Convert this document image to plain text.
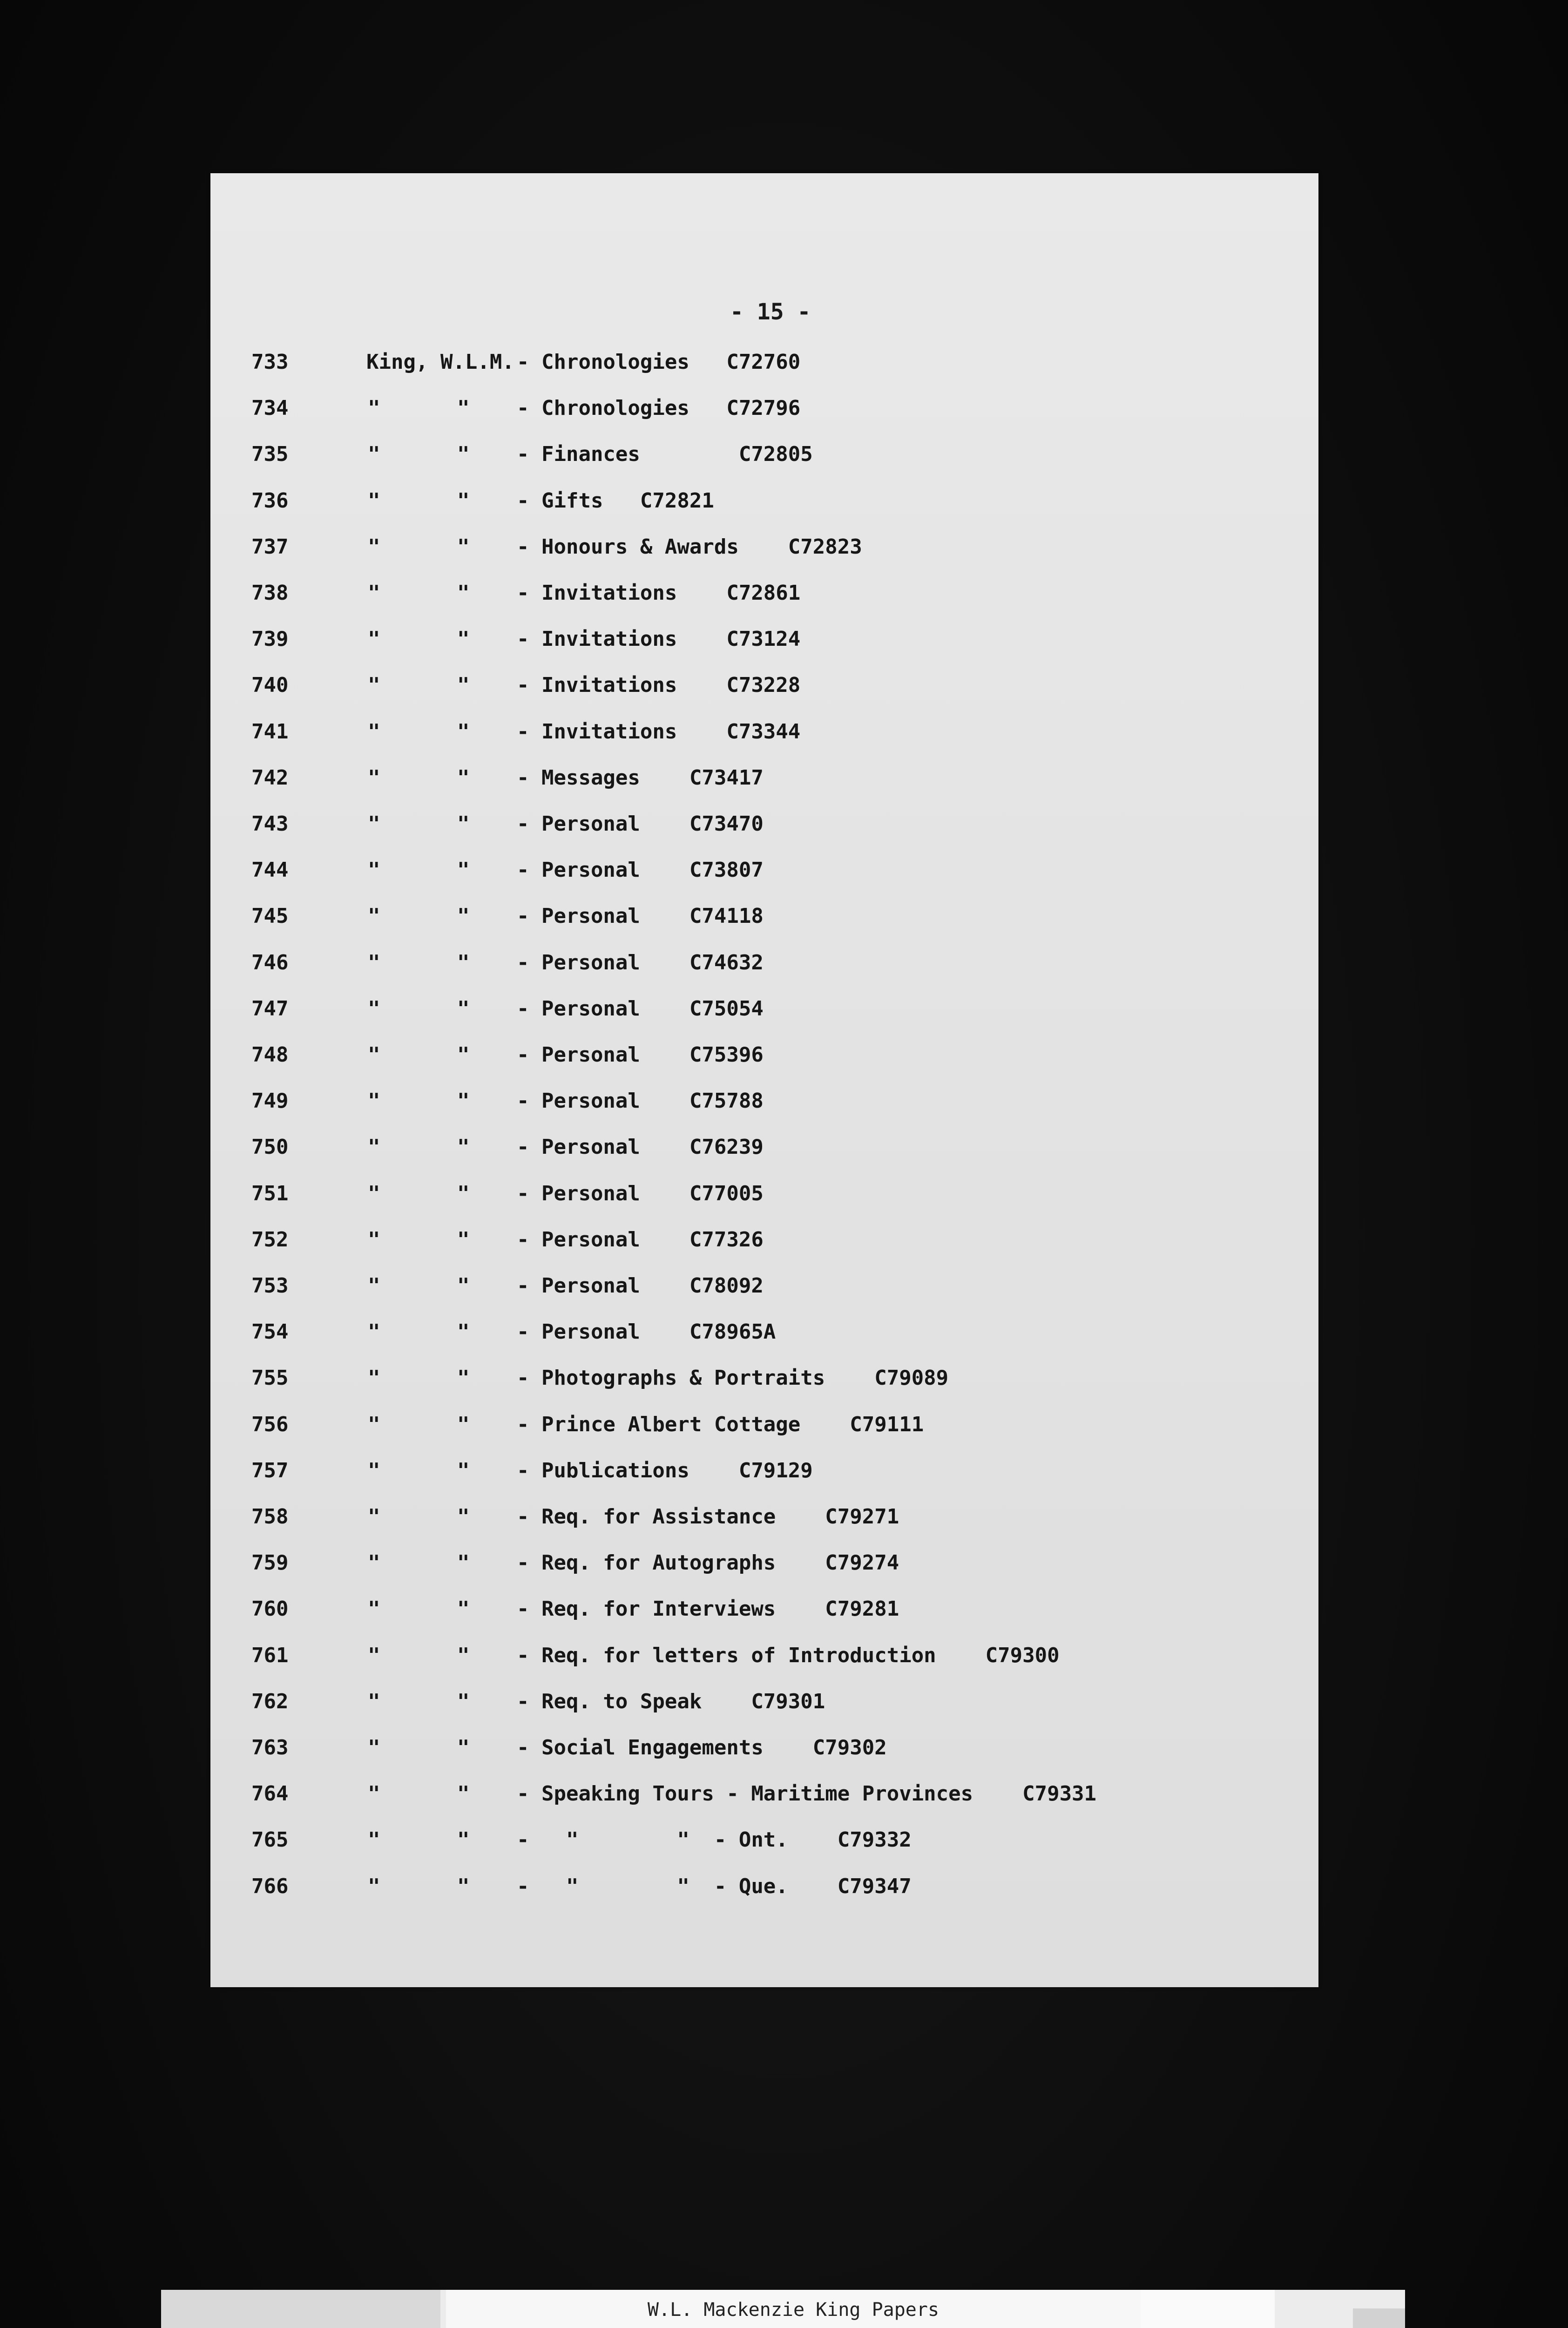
- 15 -
733	King, W.L.M. - Chronologies   C72760
734	"	" - Chronologies   C72796
735	"	" - Finances        C72805
736	"	" - Gifts   C72821
737	"	" - Honours & Awards    C72823
738	"	" - Invitations    C72861
739	"	" - Invitations    C73124
740	"	" - Invitations    C73228
741	"	" - Invitations    C73344
742	"	" - Messages    C73417
743	"	" - Personal    C73470
744	"	" - Personal    C73807
745	"	" - Personal    C74118
746	"	" - Personal    C74632
747	"	" - Personal    C75054
748	"	" - Personal    C75396
749	"	" - Personal    C75788
750	"	" - Personal    C76239
751	"	" - Personal    C77005
752	"	" - Personal    C77326
753	"	" - Personal    C78092
754	"	" - Personal    C78965A
755	"	" - Photographs & Portraits    C79089
756	"	" - Prince Albert Cottage    C79111
757	"	" - Publications    C79129
758	"	" - Req. for Assistance    C79271
759	"	" - Req. for Autographs    C79274
760	"	" - Req. for Interviews    C79281
761	"	" - Req. for letters of Introduction    C79300
762	"	" - Req. to Speak    C79301
763	"	" - Social Engagements    C79302
764	"	" - Speaking Tours - Maritime Provinces    C79331
765	"	" -   "        "  - Ont.    C79332
766	"	" -   "        "  - Que.    C79347
W.L. Mackenzie King Papers
